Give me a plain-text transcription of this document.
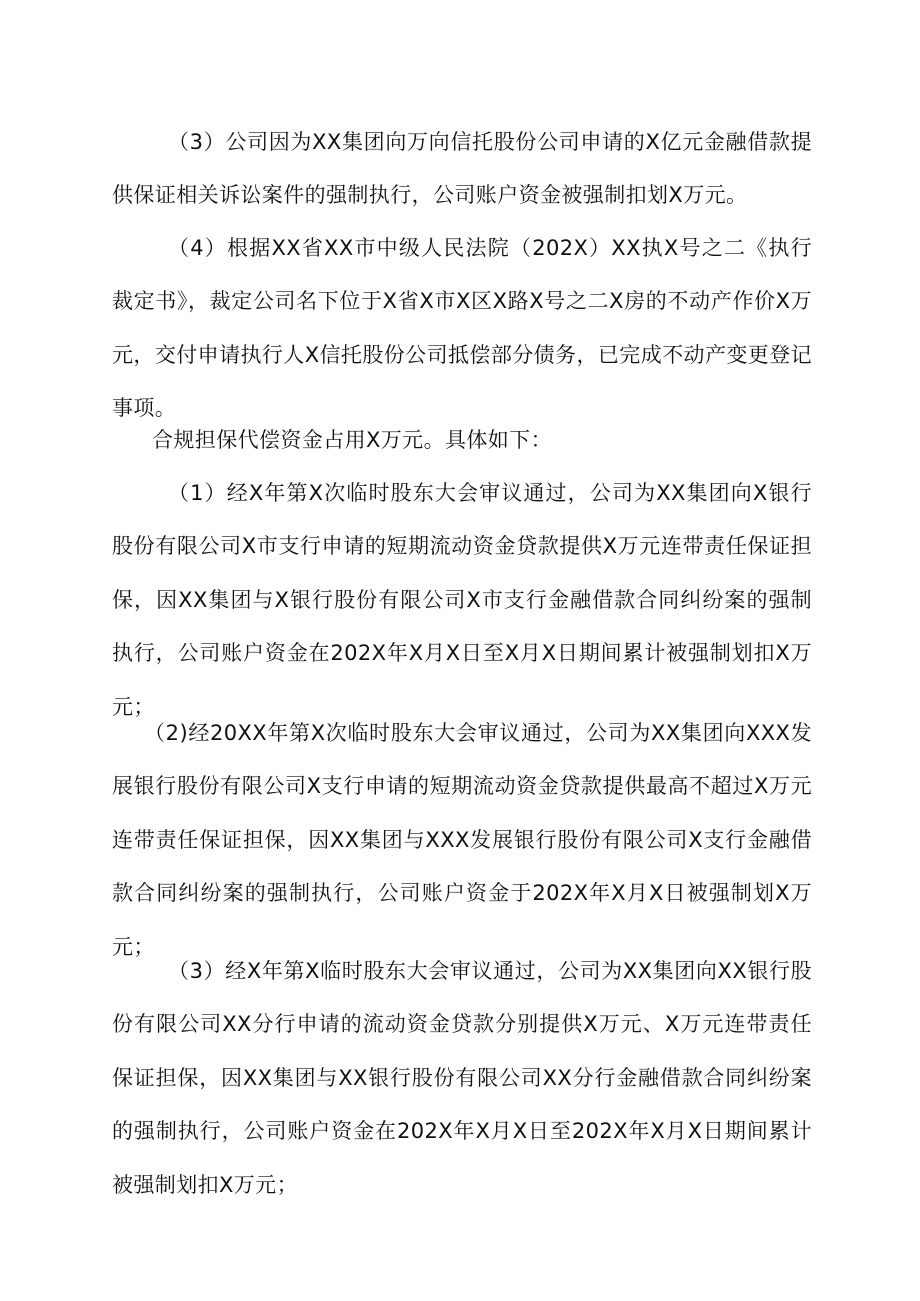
（3）公司因为XX集团向万向信托股份公司申请的X亿元金融借款提供保证相关诉讼案件的强制执行，公司账户资金被强制扣划X万元。

（4）根据XX省XX市中级人民法院（202X）XX执X号之二《执行裁定书》，裁定公司名下位于X省X市X区X路X号之二X房的不动产作价X万元，交付申请执行人X信托股份公司抵偿部分债务，已完成不动产变更登记事项。

合规担保代偿资金占用X万元。具体如下：

（1）经X年第X次临时股东大会审议通过，公司为XX集团向X银行股份有限公司X市支行申请的短期流动资金贷款提供X万元连带责任保证担保，因XX集团与X银行股份有限公司X市支行金融借款合同纠纷案的强制执行，公司账户资金在202X年X月X日至X月X日期间累计被强制划扣X万元；

（2)经20XX年第X次临时股东大会审议通过，公司为XX集团向XXX发展银行股份有限公司X支行申请的短期流动资金贷款提供最高不超过X万元连带责任保证担保，因XX集团与XXX发展银行股份有限公司X支行金融借款合同纠纷案的强制执行，公司账户资金于202X年X月X日被强制划X万元；

（3）经X年第X临时股东大会审议通过，公司为XX集团向XX银行股份有限公司XX分行申请的流动资金贷款分别提供X万元、X万元连带责任保证担保，因XX集团与XX银行股份有限公司XX分行金融借款合同纠纷案的强制执行，公司账户资金在202X年X月X日至202X年X月X日期间累计被强制划扣X万元；
